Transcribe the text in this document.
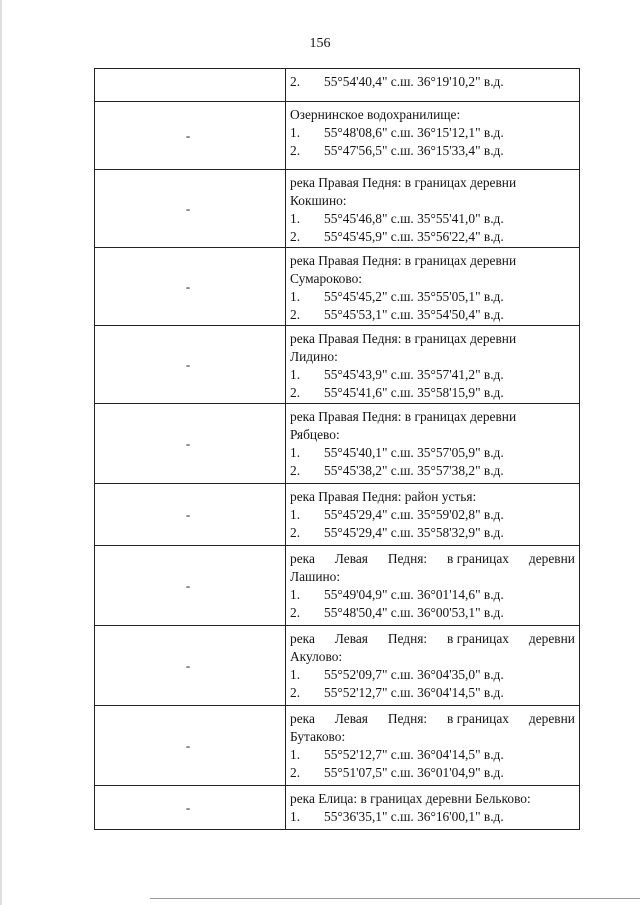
156
2.	55°54'40,4" с.ш. 36°19'10,2" в.д.
-
Озернинское водохранилище:
1.	55°48'08,6" с.ш. 36°15'12,1" в.д.
2.	55°47'56,5" с.ш. 36°15'33,4" в.д.
-
река Правая Педня: в границах деревни
Кокшино:
1.	55°45'46,8" с.ш. 35°55'41,0" в.д.
2.	55°45'45,9" с.ш. 35°56'22,4" в.д.
-
река Правая Педня: в границах деревни
Сумароково:
1.	55°45'45,2" с.ш. 35°55'05,1" в.д.
2.	55°45'53,1" с.ш. 35°54'50,4" в.д.
-
река Правая Педня: в границах деревни
Лидино:
1.	55°45'43,9" с.ш. 35°57'41,2" в.д.
2.	55°45'41,6" с.ш. 35°58'15,9" в.д.
-
река Правая Педня: в границах деревни
Рябцево:
1.	55°45'40,1" с.ш. 35°57'05,9" в.д.
2.	55°45'38,2" с.ш. 35°57'38,2" в.д.
-
река Правая Педня: район устья:
1.	55°45'29,4" с.ш. 35°59'02,8" в.д.
2.	55°45'29,4" с.ш. 35°58'32,9" в.д.
-
река Левая Педня: в границах деревни
Лашино:
1.	55°49'04,9" с.ш. 36°01'14,6" в.д.
2.	55°48'50,4" с.ш. 36°00'53,1" в.д.
-
река Левая Педня: в границах деревни
Акулово:
1.	55°52'09,7" с.ш. 36°04'35,0" в.д.
2.	55°52'12,7" с.ш. 36°04'14,5" в.д.
-
река Левая Педня: в границах деревни
Бутаково:
1.	55°52'12,7" с.ш. 36°04'14,5" в.д.
2.	55°51'07,5" с.ш. 36°01'04,9" в.д.
-
река Елица: в границах деревни Бельково:
1.	55°36'35,1" с.ш. 36°16'00,1" в.д.
